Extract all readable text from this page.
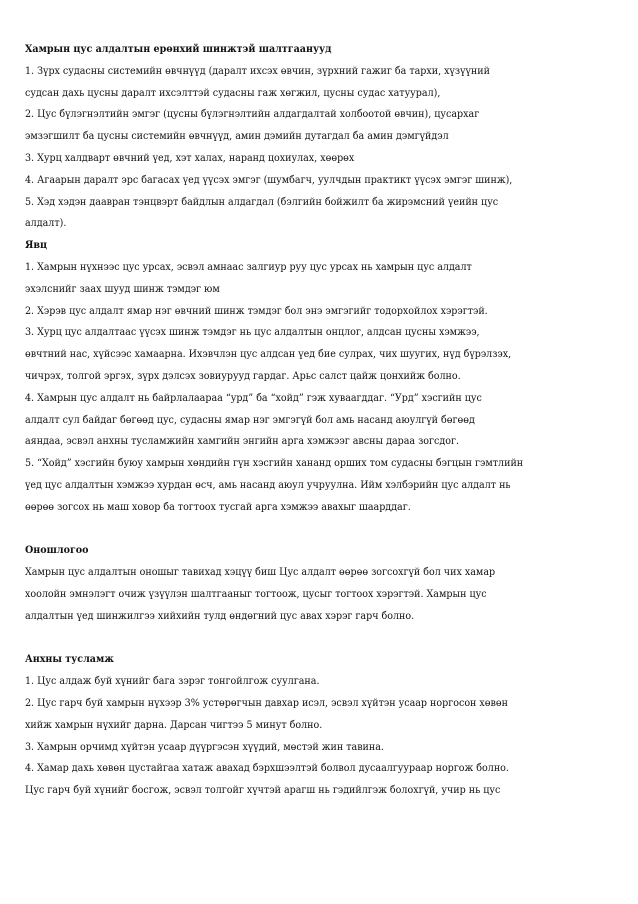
Хамрын цус алдалтын ерөнхий шинжтэй шалтгаанууд
1. Зүрх судасны системийн өвчнүүд (даралт ихсэх өвчин, зүрхний гажиг ба тархи, хүзүүний
судсан дахь цусны даралт ихсэлттэй судасны гаж хөгжил, цусны судас хатуурал),
2. Цус бүлэгнэлтийн эмгэг (цусны бүлэгнэлтийн алдагдалтай холбоотой өвчин), цусархаг
эмзэгшилт ба цусны системийн өвчнүүд, амин дэмийн дутагдал ба амин дэмгүйдэл
3. Хурц халдварт өвчний үед, хэт халах, наранд цохиулах, хөөрөх
4. Агаарын даралт эрс багасах үед үүсэх эмгэг (шумбагч, уулчдын практикт үүсэх эмгэг шинж),
5. Хэд хэдэн даавран тэнцвэрт байдлын алдагдал (бэлгийн бойжилт ба жирэмсний үеийн цус
алдалт).
Явц
1. Хамрын нүхнээс цус урсах, эсвэл амнаас залгиур руу цус урсах нь хамрын цус алдалт
эхэлснийг заах шууд шинж тэмдэг юм
2. Хэрэв цус алдалт ямар нэг өвчний шинж тэмдэг бол энэ эмгэгийг тодорхойлох хэрэгтэй.
3. Хурц цус алдалтаас үүсэх шинж тэмдэг нь цус алдалтын онцлог, алдсан цусны хэмжээ,
өвчтний нас, хүйсээс хамаарна. Ихэвчлэн цус алдсан үед бие сулрах, чих шуугих, нүд бүрэлзэх,
чичрэх, толгой эргэх, зүрх дэлсэх зовиурууд гардаг. Арьс салст цайж цонхийж болно.
4. Хамрын цус алдалт нь байрлалаараа “урд” ба “хойд” гэж хуваагддаг. “Урд” хэсгийн цус
алдалт сул байдаг бөгөөд цус, судасны ямар нэг эмгэгүй бол амь насанд аюулгүй бөгөөд
аяндаа, эсвэл анхны тусламжийн хамгийн энгийн арга хэмжээг авсны дараа зогсдог.
5. “Хойд” хэсгийн буюу хамрын хөндийн гүн хэсгийн хананд орших том судасны бэгцын гэмтлийн
үед цус алдалтын хэмжээ хурдан өсч, амь насанд аюул учруулна. Ийм хэлбэрийн цус алдалт нь
өөрөө зогсох нь маш ховор ба тогтоох тусгай арга хэмжээ авахыг шаарддаг.
Оношлогоо
Хамрын цус алдалтын оношыг тавихад хэцүү биш Цус алдалт өөрөө зогсохгүй бол чих хамар
хоолойн эмнэлэгт очиж үзүүлэн шалтгааныг тогтоож, цусыг тогтоох хэрэгтэй. Хамрын цус
алдалтын үед шинжилгээ хийхийн тулд өндөгний цус авах хэрэг гарч болно.
Анхны тусламж
1. Цус алдаж буй хүнийг бага зэрэг тонгойлгож суулгана.
2. Цус гарч буй хамрын нүхээр 3% устөрөгчын давхар исэл, эсвэл хүйтэн усаар норгосон хөвөн
хийж хамрын нүхийг дарна. Дарсан чигтээ 5 минут болно.
3. Хамрын орчимд хүйтэн усаар дүүргэсэн хүүдий, мөстэй жин тавина.
4. Хамар дахь хөвөн цустайгаа хатаж авахад бэрхшээлтэй болвол дусаалгуураар норгож болно.
Цус гарч буй хүнийг босгож, эсвэл толгойг хүчтэй арагш нь гэдийлгэж болохгүй, учир нь цус
